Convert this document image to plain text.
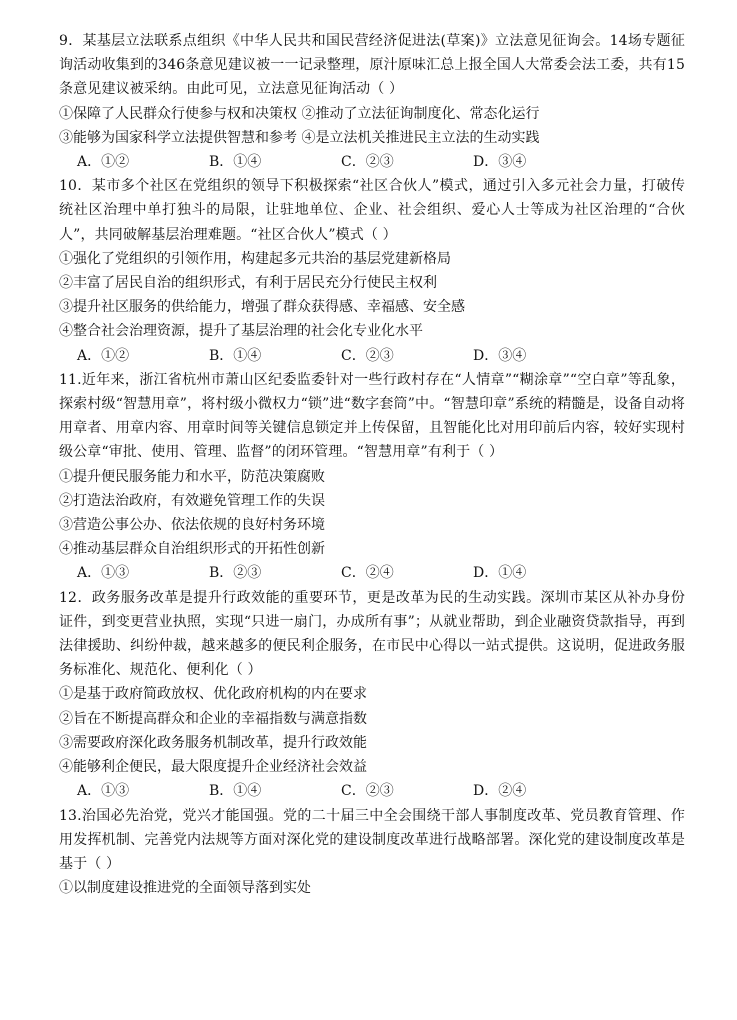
9．某基层立法联系点组织《中华人民共和国民营经济促进法(草案)》立法意见征询会。14场专题征询活动收集到的346条意见建议被一一记录整理，原汁原味汇总上报全国人大常委会法工委，共有15条意见建议被采纳。由此可见，立法意见征询活动（ ）

①保障了人民群众行使参与权和决策权 ②推动了立法征询制度化、常态化运行

③能够为国家科学立法提供智慧和参考 ④是立法机关推进民主立法的生动实践

A．①②	B．①④	C．②③	D．③④

10．某市多个社区在党组织的领导下积极探索“社区合伙人”模式，通过引入多元社会力量，打破传统社区治理中单打独斗的局限，让驻地单位、企业、社会组织、爱心人士等成为社区治理的“合伙人”，共同破解基层治理难题。“社区合伙人”模式（ ）

①强化了党组织的引领作用，构建起多元共治的基层党建新格局

②丰富了居民自治的组织形式，有利于居民充分行使民主权利

③提升社区服务的供给能力，增强了群众获得感、幸福感、安全感

④整合社会治理资源，提升了基层治理的社会化专业化水平

A．①②	B．①④	C．②③	D．③④

11.近年来，浙江省杭州市萧山区纪委监委针对一些行政村存在“人情章”“糊涂章”“空白章”等乱象，探索村级“智慧用章”，将村级小微权力“锁”进“数字套筒”中。“智慧印章”系统的精髓是，设备自动将用章者、用章内容、用章时间等关键信息锁定并上传保留，且智能化比对用印前后内容，较好实现村级公章“审批、使用、管理、监督”的闭环管理。“智慧用章”有利于（ ）

①提升便民服务能力和水平，防范决策腐败

②打造法治政府，有效避免管理工作的失误

③营造公事公办、依法依规的良好村务环境

④推动基层群众自治组织形式的开拓性创新

A．①③	B．②③	C．②④	D．①④

12．政务服务改革是提升行政效能的重要环节，更是改革为民的生动实践。深圳市某区从补办身份证件，到变更营业执照，实现“只进一扇门，办成所有事”；从就业帮助，到企业融资贷款指导，再到法律援助、纠纷仲裁，越来越多的便民利企服务，在市民中心得以一站式提供。这说明，促进政务服务标准化、规范化、便利化（ ）

①是基于政府简政放权、优化政府机构的内在要求

②旨在不断提高群众和企业的幸福指数与满意指数

③需要政府深化政务服务机制改革，提升行政效能

④能够利企便民，最大限度提升企业经济社会效益

A．①③	B．①④	C．②③	D．②④

13.治国必先治党，党兴才能国强。党的二十届三中全会围绕干部人事制度改革、党员教育管理、作用发挥机制、完善党内法规等方面对深化党的建设制度改革进行战略部署。深化党的建设制度改革是基于（ ）

①以制度建设推进党的全面领导落到实处
